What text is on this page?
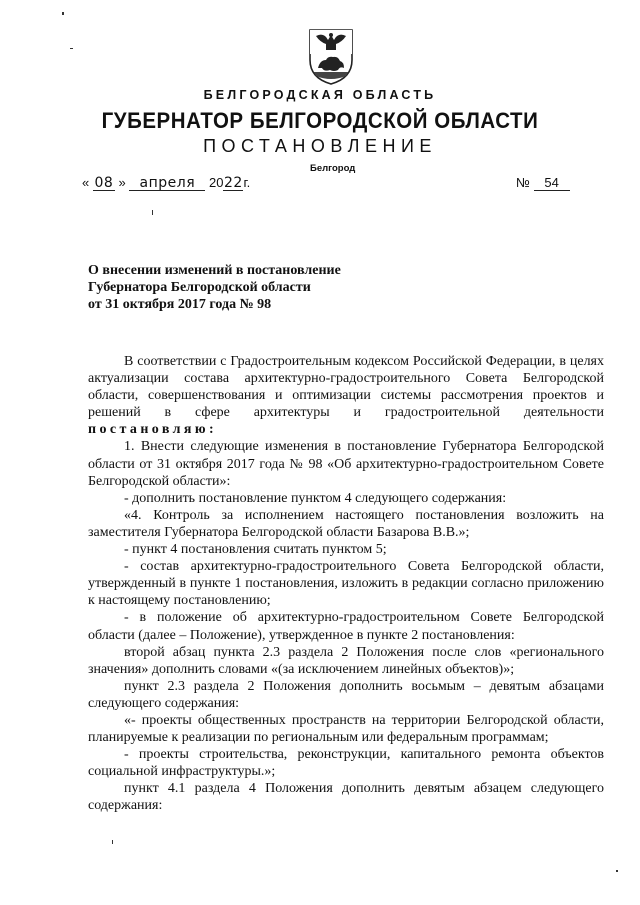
БЕЛГОРОДСКАЯ ОБЛАСТЬ
ГУБЕРНАТОР БЕЛГОРОДСКОЙ ОБЛАСТИ
ПОСТАНОВЛЕНИЕ
Белгород
« 08 » апреля 2022г.	№ 54
О внесении изменений в постановление
Губернатора Белгородской области
от 31 октября 2017 года № 98

В соответствии с Градостроительным кодексом Российской Федерации, в целях актуализации состава архитектурно-градостроительного Совета Белгородской области, совершенствования и оптимизации системы рассмотрения проектов и решений в сфере архитектуры и градостроительной деятельности

постановляю:

1. Внести следующие изменения в постановление Губернатора Белгородской области от 31 октября 2017 года № 98 «Об архитектурно-градостроительном Совете Белгородской области»:

- дополнить постановление пунктом 4 следующего содержания:

«4. Контроль за исполнением настоящего постановления возложить на заместителя Губернатора Белгородской области Базарова В.В.»;

- пункт 4 постановления считать пунктом 5;

- состав архитектурно-градостроительного Совета Белгородской области, утвержденный в пункте 1 постановления, изложить в редакции согласно приложению к настоящему постановлению;

- в положение об архитектурно-градостроительном Совете Белгородской области (далее – Положение), утвержденное в пункте 2 постановления:

второй абзац пункта 2.3 раздела 2 Положения после слов «регионального значения» дополнить словами «(за исключением линейных объектов)»;

пункт 2.3 раздела 2 Положения дополнить восьмым – девятым абзацами следующего содержания:

«- проекты общественных пространств на территории Белгородской области, планируемые к реализации по региональным или федеральным программам;

- проекты строительства, реконструкции, капитального ремонта объектов социальной инфраструктуры.»;

пункт 4.1 раздела 4 Положения дополнить девятым абзацем следующего содержания:
